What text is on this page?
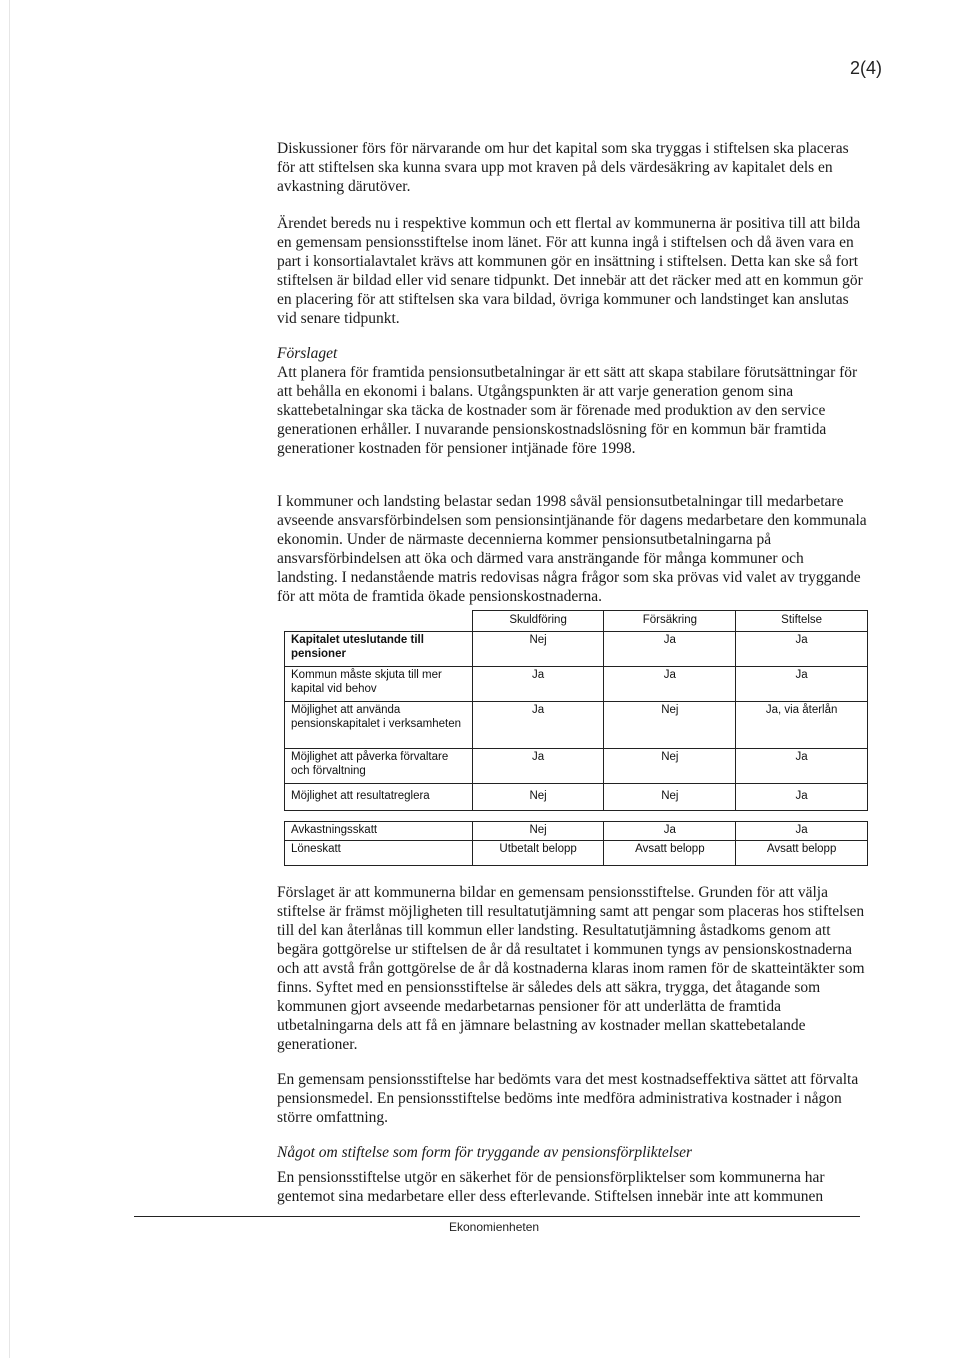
2(4)

Diskussioner förs för närvarande om hur det kapital som ska tryggas i stiftelsen ska placeras för att stiftelsen ska kunna svara upp mot kraven på dels värdesäkring av kapitalet dels en avkastning därutöver.

Ärendet bereds nu i respektive kommun och ett flertal av kommunerna är positiva till att bilda en gemensam pensionsstiftelse inom länet. För att kunna ingå i stiftelsen och då även vara en part i konsortialavtalet krävs att kommunen gör en insättning i stiftelsen. Detta kan ske så fort stiftelsen är bildad eller vid senare tidpunkt. Det innebär att det räcker med att en kommun gör en placering för att stiftelsen ska vara bildad, övriga kommuner och landstinget kan anslutas vid senare tidpunkt.

Förslaget

Att planera för framtida pensionsutbetalningar är ett sätt att skapa stabilare förutsättningar för att behålla en ekonomi i balans. Utgångspunkten är att varje generation genom sina skattebetalningar ska täcka de kostnader som är förenade med produktion av den service generationen erhåller. I nuvarande pensionskostnadslösning för en kommun bär framtida generationer kostnaden för pensioner intjänade före 1998.

I kommuner och landsting belastar sedan 1998 såväl pensionsutbetalningar till medarbetare avseende ansvarsförbindelsen som pensionsintjänande för dagens medarbetare den kommunala ekonomin. Under de närmaste decennierna kommer pensionsutbetalningarna på ansvarsförbindelsen att öka och därmed vara ansträngande för många kommuner och landsting. I nedanstående matris redovisas några frågor som ska prövas vid valet av tryggande för att möta de framtida ökade pensionskostnaderna.

	Skuldföring	Försäkring	Stiftelse
Kapitalet uteslutande till pensioner	Nej	Ja	Ja
Kommun måste skjuta till mer kapital vid behov	Ja	Ja	Ja
Möjlighet att använda pensionskapitalet i verksamheten	Ja	Nej	Ja, via återlån
Möjlighet att påverka förvaltare och förvaltning	Ja	Nej	Ja
Möjlighet att resultatreglera	Nej	Nej	Ja

Avkastningsskatt	Nej	Ja	Ja
Löneskatt	Utbetalt belopp	Avsatt belopp	Avsatt belopp

Förslaget är att kommunerna bildar en gemensam pensionsstiftelse. Grunden för att välja stiftelse är främst möjligheten till resultatutjämning samt att pengar som placeras hos stiftelsen till del kan återlånas till kommun eller landsting. Resultatutjämning åstadkoms genom att begära gottgörelse ur stiftelsen de år då resultatet i kommunen tyngs av pensionskostnaderna och att avstå från gottgörelse de år då kostnaderna klaras inom ramen för de skatteintäkter som finns. Syftet med en pensionsstiftelse är således dels att säkra, trygga, det åtagande som kommunen gjort avseende medarbetarnas pensioner för att underlätta de framtida utbetalningarna dels att få en jämnare belastning av kostnader mellan skattebetalande generationer.

En gemensam pensionsstiftelse har bedömts vara det mest kostnadseffektiva sättet att förvalta pensionsmedel. En pensionsstiftelse bedöms inte medföra administrativa kostnader i någon större omfattning.

Något om stiftelse som form för tryggande av pensionsförpliktelser

En pensionsstiftelse utgör en säkerhet för de pensionsförpliktelser som kommunerna har gentemot sina medarbetare eller dess efterlevande. Stiftelsen innebär inte att kommunen

Ekonomienheten
